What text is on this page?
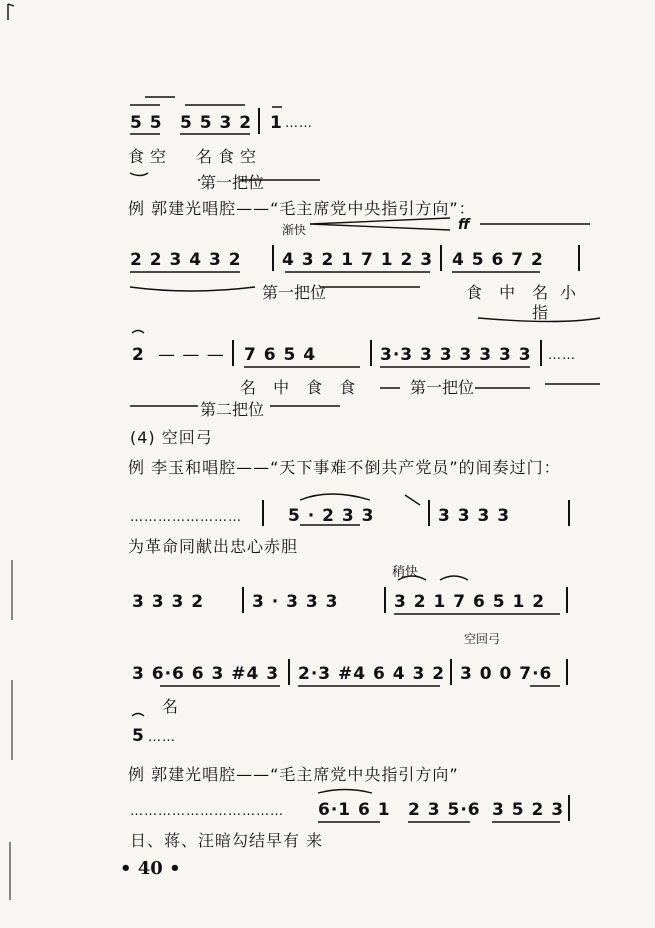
5 5 5 5 3 2 1 ……
食空 名食空
第一把位
例 郭建光唱腔——“毛主席党中央指引方向”：
渐快	ff
2 2 3 4 3 2 4 3 2 1 7 1 2 3 4 5 6 7 2
第一把位	食 中 名 小
指
2 — — — 7 6 5 4	3·3 3 3 3 3 3 3 ……
名 中 食 食	第一把位
第二把位
(4) 空回弓
例 李玉和唱腔——“天下事难不倒共产党员”的间奏过门：
……………………	5 · 2 3 3	3 3 3 3
为革命同献出忠心赤胆
稍快
3 3 3 2	3 · 3 3 3	3 2 1 7 6 5 1 2
空回弓
3 6·6 6 3 #4 3 2·3 #4 6 4 3 2 3 0 0 7·6
名
5 ……
例 郭建光唱腔——“毛主席党中央指引方向”
…………………………… 6·1 6 1 2 3 5·6 3 5 2 3
日、蒋、汪暗勾结早有 来
• 40 •
